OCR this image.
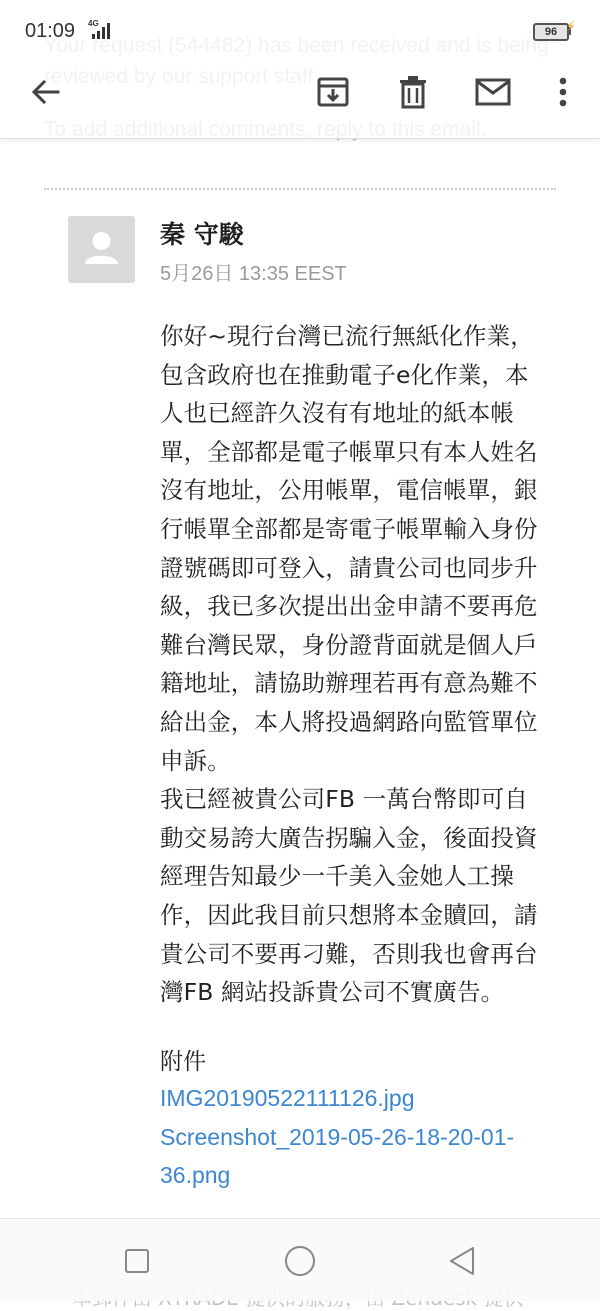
01:09 4G
96 ⚡
秦 守駿
5月26日 13:35 EEST

你好~現行台灣已流行無紙化作業，

包含政府也在推動電子e化作業，本

人也已經許久沒有有地址的紙本帳

單，全部都是電子帳單只有本人姓名

沒有地址，公用帳單，電信帳單，銀

行帳單全部都是寄電子帳單輸入身份

證號碼即可登入，請貴公司也同步升

級，我已多次提出出金申請不要再危

難台灣民眾，身份證背面就是個人戶

籍地址，請協助辦理若再有意為難不

給出金，本人將投過網路向監管單位

申訴。

我已經被貴公司FB 一萬台幣即可自

動交易誇大廣告拐騙入金，後面投資

經理告知最少一千美入金她人工操

作，因此我目前只想將本金贖回，請

貴公司不要再刁難，否則我也會再台

灣FB 網站投訴貴公司不實廣告。

附件
IMG20190522111126.jpg
Screenshot_2019-05-26-18-20-01-
36.png
